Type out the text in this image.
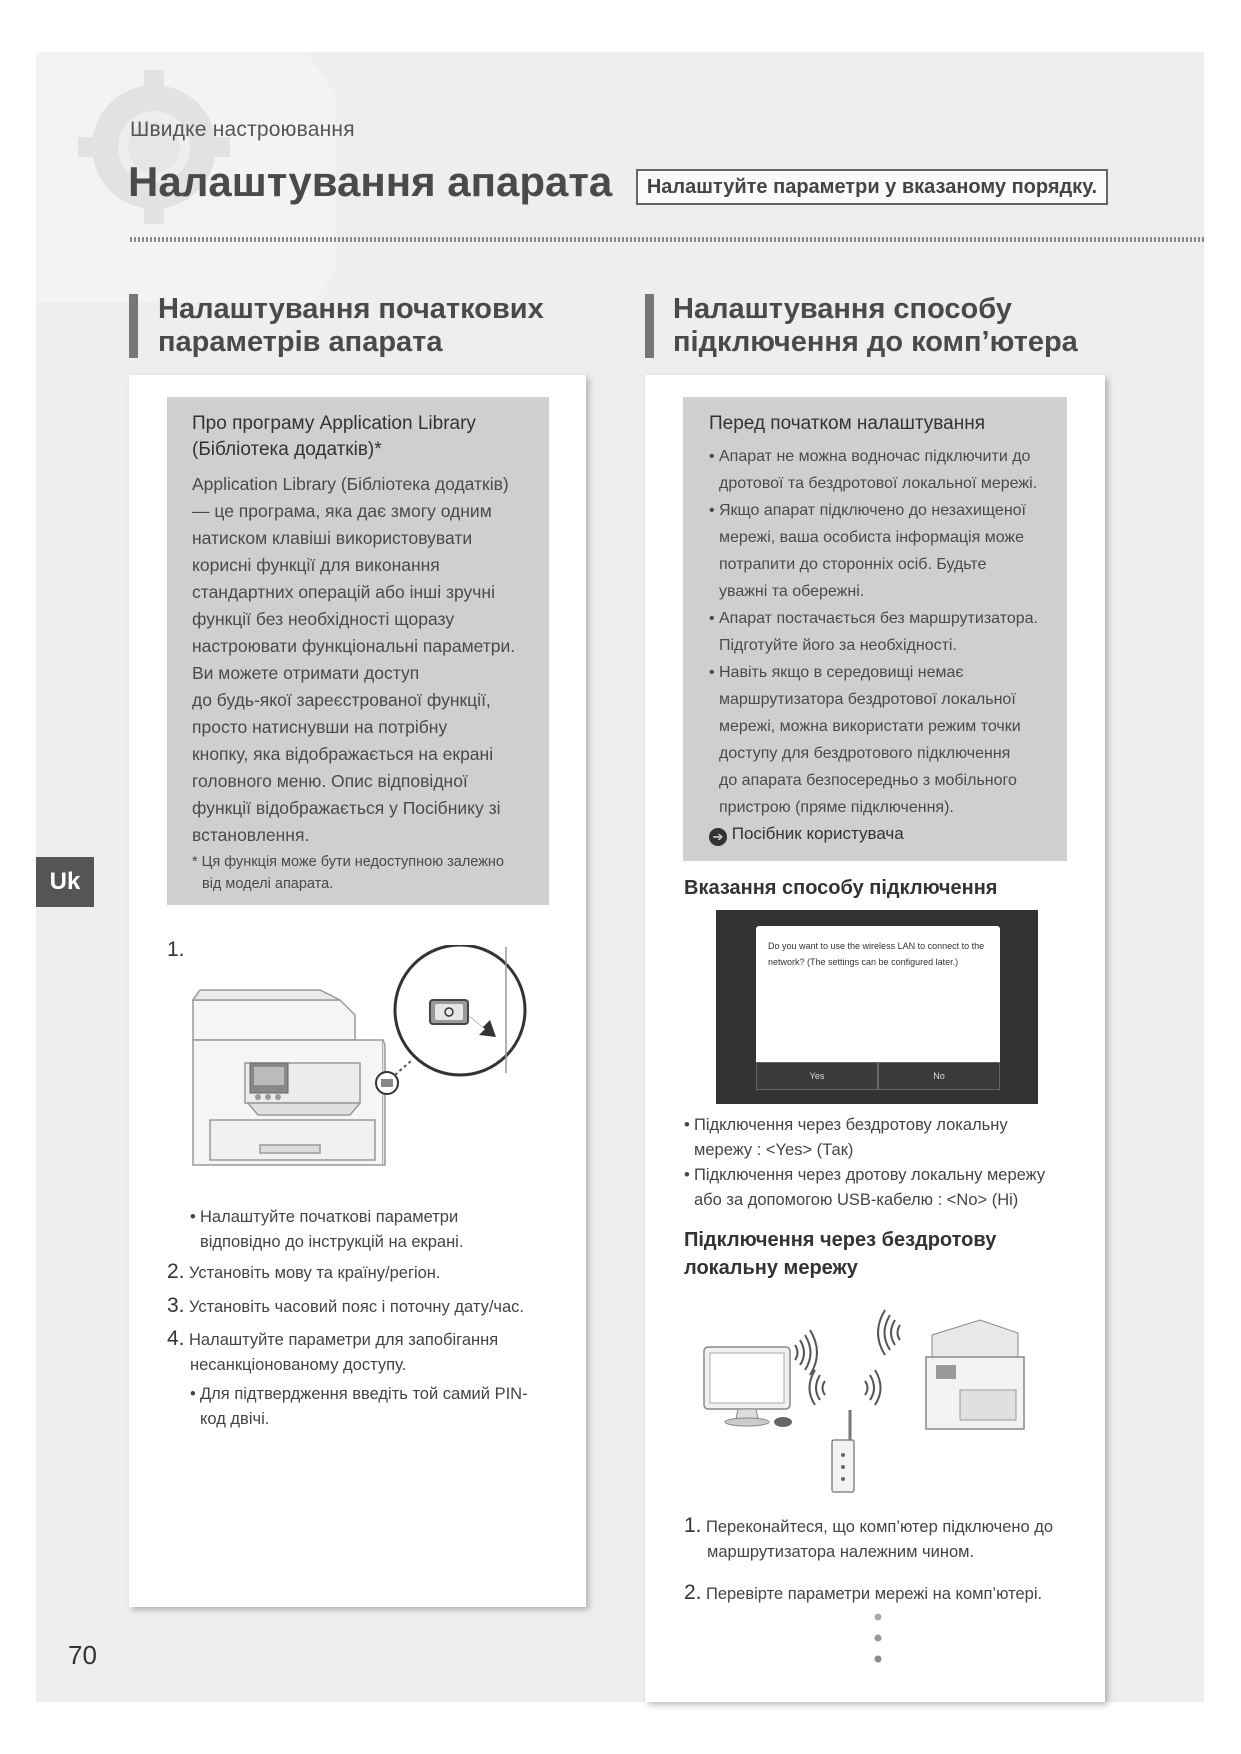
Швидке настроювання
Налаштування апарата	Налаштуйте параметри у вказаному порядку.
Налаштування початкових
параметрів апарата
Про програму Application Library
(Бібліотека додатків)*
Application Library (Бібліотека додатків)
— це програма, яка дає змогу одним
натиском клавіші використовувати
корисні функції для виконання
стандартних операцій або інші зручні
функції без необхідності щоразу
настроювати функціональні параметри.
Ви можете отримати доступ
до будь-якої зареєстрованої функції,
просто натиснувши на потрібну
кнопку, яка відображається на екрані
головного меню. Опис відповідної
функції відображається у Посібнику зі
встановлення.
* Ця функція може бути недоступною залежно
від моделі апарата.
1.
• Налаштуйте початкові параметри
відповідно до інструкцій на екрані.
2. Установіть мову та країну/регіон.
3. Установіть часовий пояс і поточну дату/час.
4. Налаштуйте параметри для запобігання
несанкціонованому доступу.
• Для підтвердження введіть той самий PIN-
код двічі.
Налаштування способу
підключення до комп’ютера
Перед початком налаштування
• Апарат не можна водночас підключити до
дротової та бездротової локальної мережі.
• Якщо апарат підключено до незахищеної
мережі, ваша особиста інформація може
потрапити до сторонніх осіб. Будьте
уважні та обережні.
• Апарат постачається без маршрутизатора.
Підготуйте його за необхідності.
• Навіть якщо в середовищі немає
маршрутизатора бездротової локальної
мережі, можна використати режим точки
доступу для бездротового підключення
до апарата безпосередньо з мобільного
пристрою (пряме підключення).
➔ Посібник користувача
Вказання способу підключення
Do you want to use the wireless LAN to connect to the network? (The settings can be configured later.)
Yes	No
• Підключення через бездротову локальну
мережу : <Yes> (Так)
• Підключення через дротову локальну мережу
або за допомогою USB-кабелю : <No> (Ні)
Підключення через бездротову
локальну мережу
1. Переконайтеся, що комп’ютер підключено до
маршрутизатора належним чином.
2. Перевірте параметри мережі на комп’ютері.
Uk
70
